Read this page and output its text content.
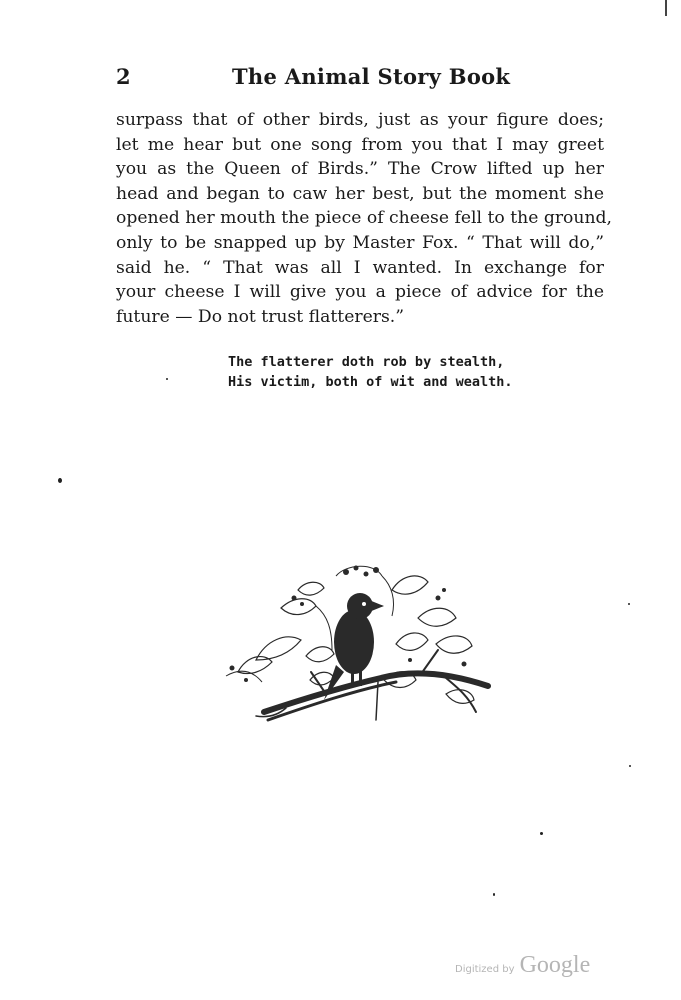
2	The Animal Story Book

surpass that of other birds, just as your figure does;
let me hear but one song from you that I may greet
you as the Queen of Birds.” The Crow lifted up her
head and began to caw her best, but the moment she
opened her mouth the piece of cheese fell to the ground,
only to be snapped up by Master Fox. “ That will do,”
said he. “ That was all I wanted. In exchange for
your cheese I will give you a piece of advice for the
future — Do not trust flatterers.”

The flatterer doth rob by stealth,
His victim, both of wit and wealth.
Digitized by Google
